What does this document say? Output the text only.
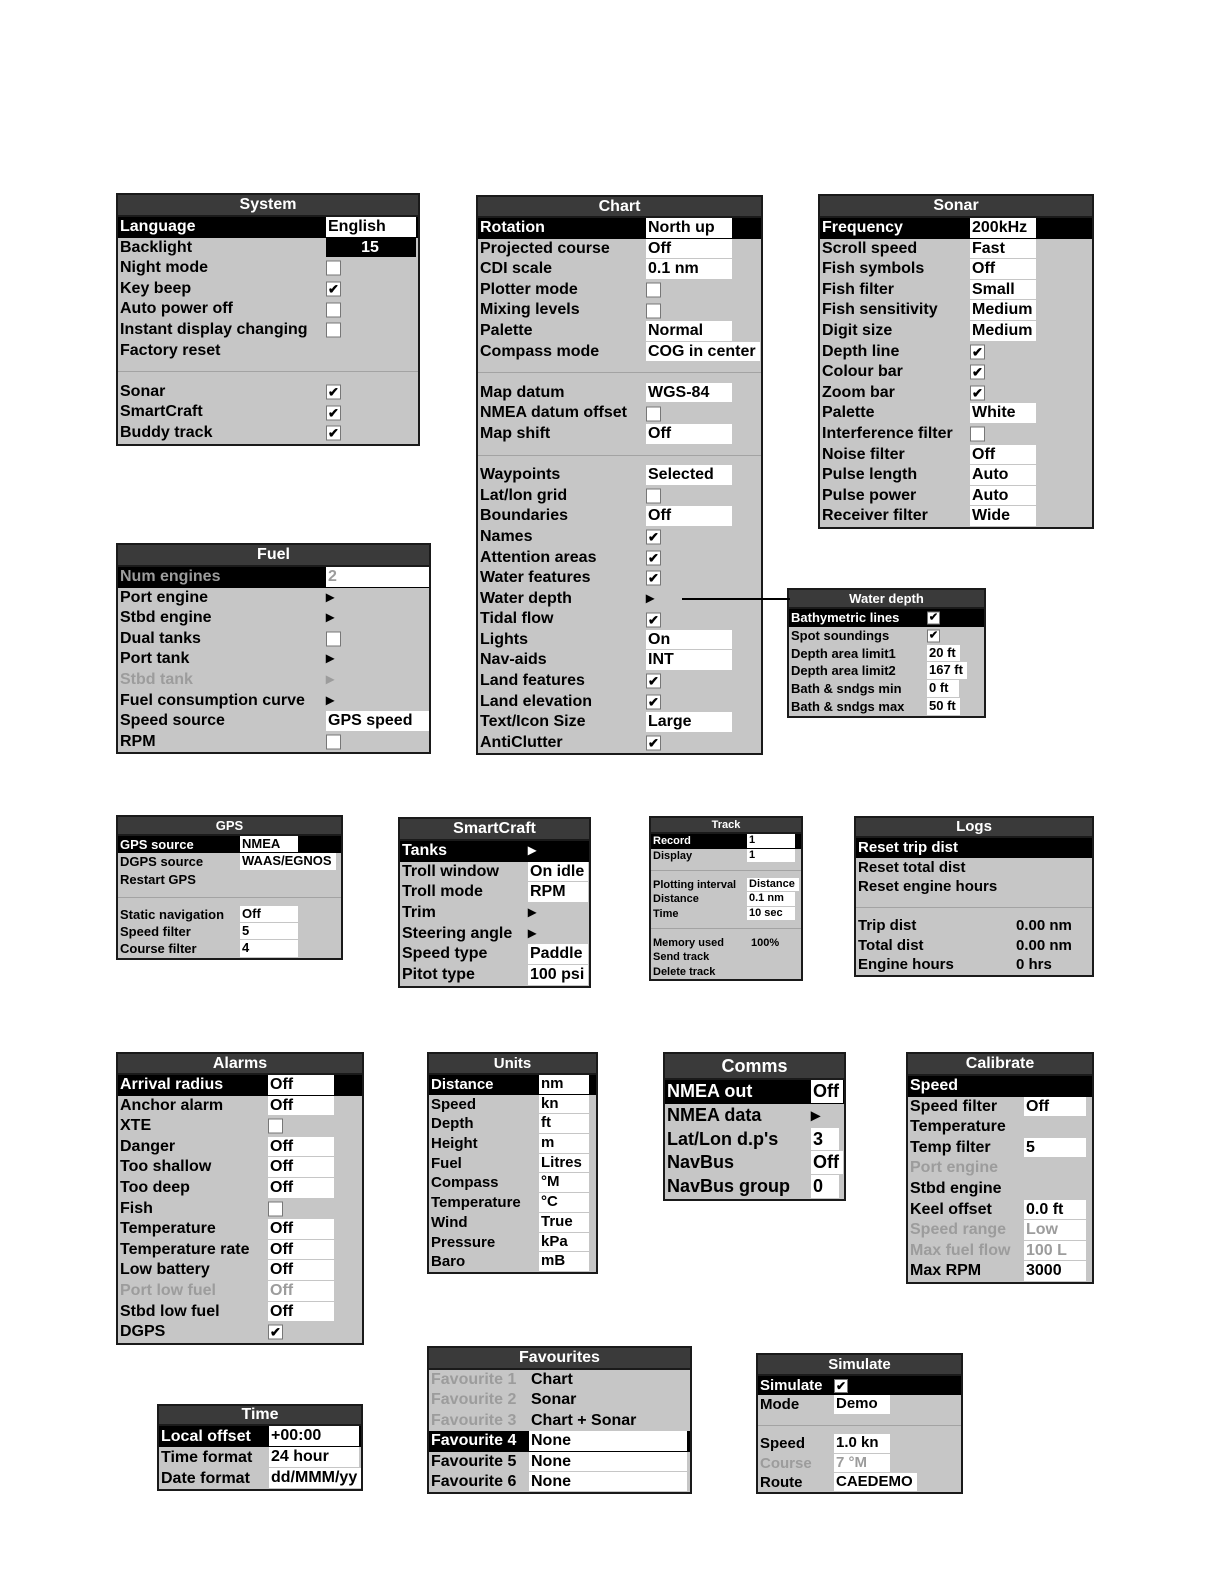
System
Language	English
Backlight	15
Night mode
Key beep	✔
Auto power off
Instant display changing
Factory reset
Sonar	✔
SmartCraft	✔
Buddy track	✔
Fuel
Num engines	2
Port engine	▸
Stbd engine	▸
Dual tanks
Port tank	▸
Stbd tank	▸
Fuel consumption curve ▸
Speed source	GPS speed
RPM
Chart
Rotation	North up
Projected course Off
CDI scale	0.1 nm
Plotter mode
Mixing levels
Palette	Normal
Compass mode	COG in center
Map datum	WGS-84
NMEA datum offset
Map shift	Off
Waypoints	Selected
Lat/lon grid
Boundaries	Off
Names	✔
Attention areas	✔
Water features	✔
Water depth	▸
Tidal flow	✔
Lights	On
Nav-aids	INT
Land features	✔
Land elevation	✔
Text/Icon Size	Large
AntiClutter	✔
Sonar
Frequency	200kHz
Scroll speed	Fast
Fish symbols	Off
Fish filter	Small
Fish sensitivity Medium
Digit size	Medium
Depth line	✔
Colour bar	✔
Zoom bar	✔
Palette	White
Interference filter
Noise filter	Off
Pulse length	Auto
Pulse power	Auto
Receiver filter	Wide
Water depth
Bathymetric lines	✔
Spot soundings	✔
Depth area limit1	20 ft
Depth area limit2	167 ft
Bath & sndgs min 0 ft
Bath & sndgs max 50 ft
GPS
GPS source	NMEA
DGPS source	WAAS/EGNOS
Restart GPS
Static navigation Off
Speed filter	5
Course filter	4
SmartCraft
Tanks	▸
Troll window On idle
Troll mode	RPM
Trim	▸
Steering angle ▸
Speed type	Paddle
Pitot type	100 psi
Track
Record	1
Display	1
Plotting interval Distance
Distance	0.1 nm
Time	10 sec
Memory used 100%
Send track
Delete track
Logs
Reset trip dist
Reset total dist
Reset engine hours
Trip dist	0.00 nm
Total dist	0.00 nm
Engine hours	0 hrs
Alarms
Arrival radius	Off
Anchor alarm	Off
XTE
Danger	Off
Too shallow	Off
Too deep	Off
Fish
Temperature	Off
Temperature rate Off
Low battery	Off
Port low fuel	Off
Stbd low fuel	Off
DGPS	✔
Units
Distance	nm
Speed	kn
Depth	ft
Height	m
Fuel	Litres
Compass	°M
Temperature °C
Wind	True
Pressure	kPa
Baro	mB
Comms
NMEA out	Off
NMEA data	▸
Lat/Lon d.p's 3
NavBus	Off
NavBus group 0
Calibrate
Speed
Speed filter Off
Temperature
Temp filter 5
Port engine
Stbd engine
Keel offset 0.0 ft
Speed range Low
Max fuel flow 100 L
Max RPM	3000
Time
Local offset +00:00
Time format 24 hour
Date format dd/MMM/yy
Favourites
Favourite 1 Chart
Favourite 2 Sonar
Favourite 3 Chart + Sonar
Favourite 4 None
Favourite 5 None
Favourite 6 None
Simulate
Simulate ✔
Mode Demo
Speed 1.0 kn
Course 7 °M
Route CAEDEMO
